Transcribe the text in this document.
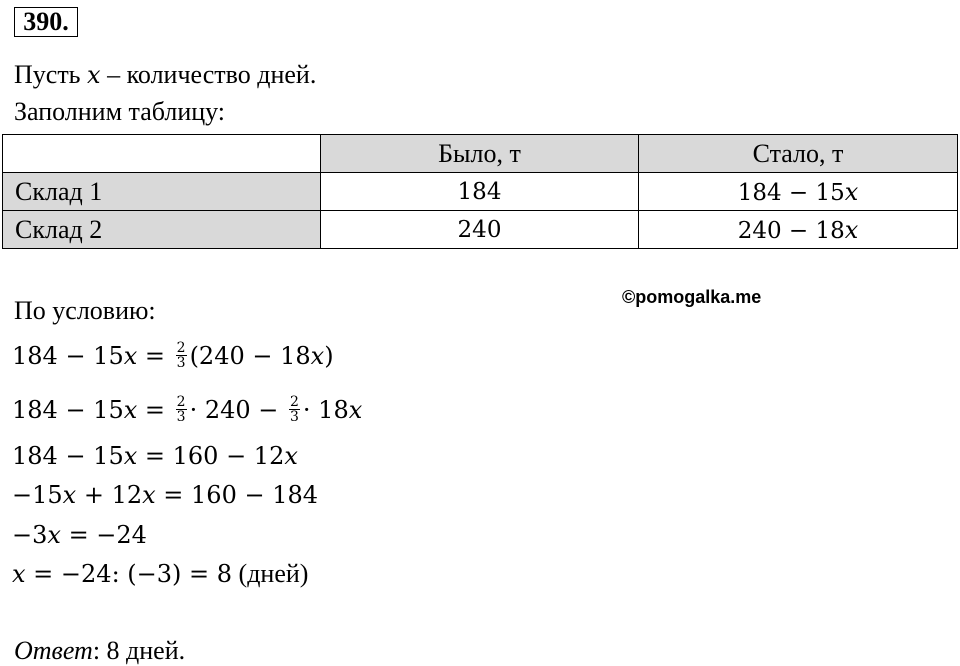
390.
Пусть x – количество дней.
Заполним таблицу:
	Было, т	Стало, т
Склад 1	184	184 − 15x
Склад 2	240	240 − 18x
©pomogalka.me
По условию:
$184 - 15x = \frac{2}{3} (240 - 18x)$
$184 - 15x = \frac{2}{3} \cdot 240 - \frac{2}{3} \cdot 18x$
184 − 15x = 160 − 12x
−15x + 12x = 160 − 184
−3x = −24
x = −24: (−3) = 8 (дней)
Ответ: 8 дней.
